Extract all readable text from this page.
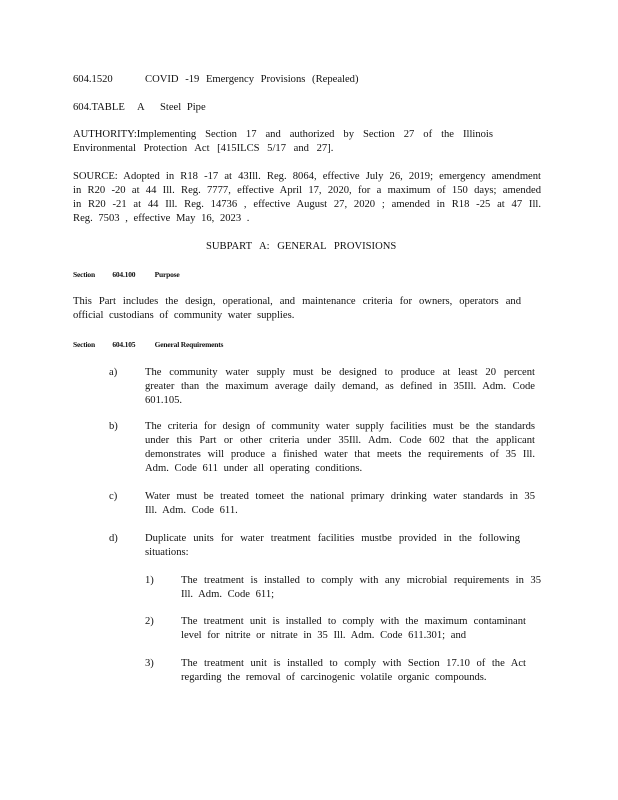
604.1520	COVID -19 Emergency Provisions (Repealed)
604.TABLE A Steel Pipe
AUTHORITY:Implementing Section 17 and authorized by Section 27 of the Illinois Environmental Protection Act [415ILCS 5/17 and 27].
SOURCE: Adopted in R18 -17 at 43Ill. Reg. 8064, effective July 26, 2019; emergency amendment in R20 -20 at 44 Ill. Reg. 7777, effective April 17, 2020, for a maximum of 150 days; amended in R20 -21 at 44 Ill. Reg. 14736 , effective August 27, 2020 ; amended in R18 -25 at 47 Ill. Reg. 7503 , effective May 16, 2023 .
SUBPART A: GENERAL PROVISIONS
Section 604.100	Purpose
This Part includes the design, operational, and maintenance criteria for owners, operators and official custodians of community water supplies.
Section 604.105	General Requirements
a)	The community water supply must be designed to produce at least 20 percent greater than the maximum average daily demand, as defined in 35Ill. Adm. Code 601.105.
b)	The criteria for design of community water supply facilities must be the standards under this Part or other criteria under 35Ill. Adm. Code 602 that the applicant demonstrates will produce a finished water that meets the requirements of 35 Ill. Adm. Code 611 under all operating conditions.
c)	Water must be treated tomeet the national primary drinking water standards in 35 Ill. Adm. Code 611.
d)	Duplicate units for water treatment facilities mustbe provided in the following situations:
1)	The treatment is installed to comply with any microbial requirements in 35 Ill. Adm. Code 611;
2)	The treatment unit is installed to comply with the maximum contaminant level for nitrite or nitrate in 35 Ill. Adm. Code 611.301; and
3)	The treatment unit is installed to comply with Section 17.10 of the Act regarding the removal of carcinogenic volatile organic compounds.
